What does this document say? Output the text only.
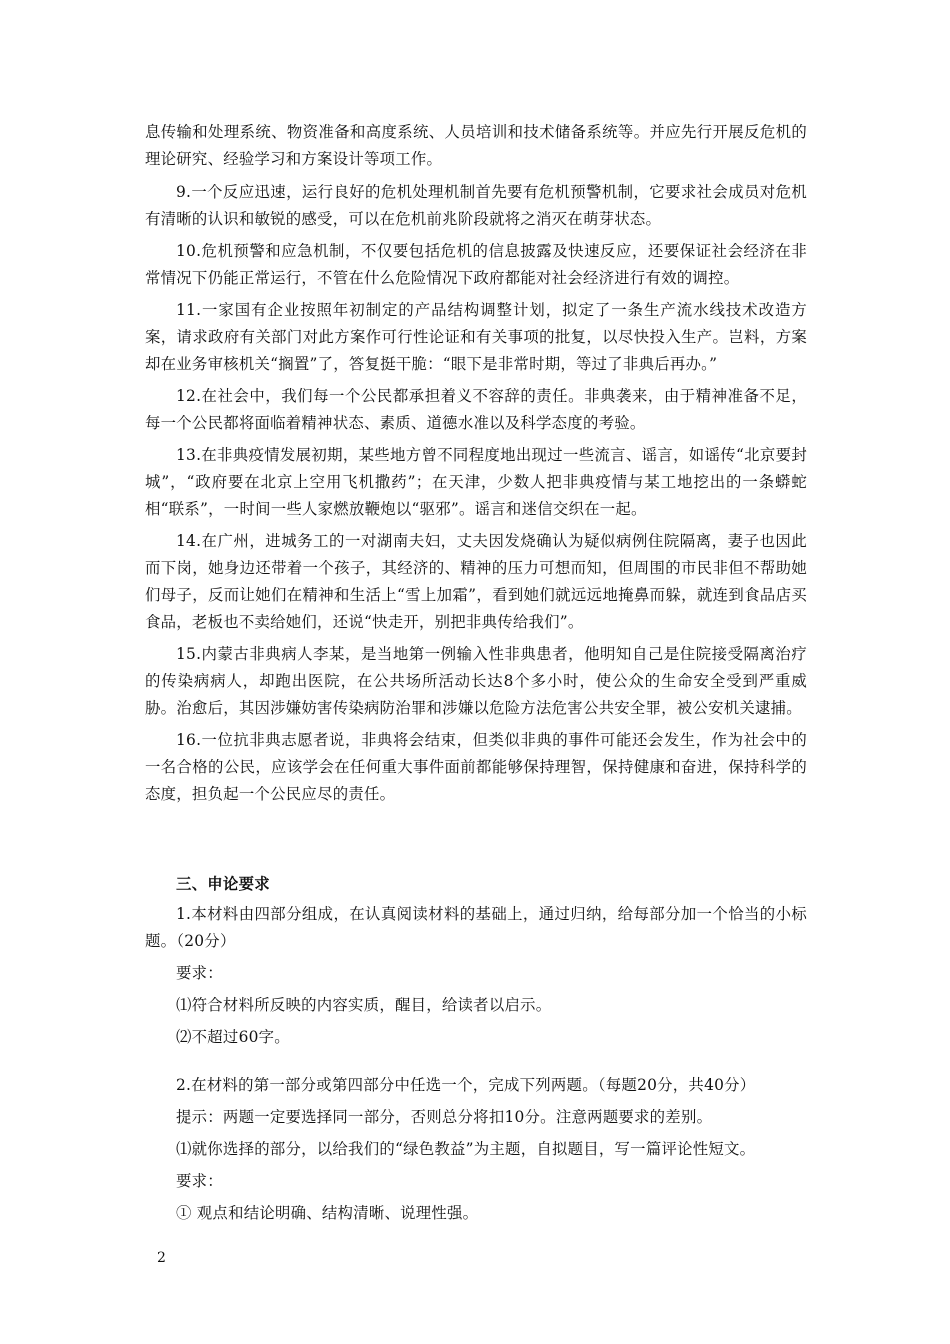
息传输和处理系统、物资准备和高度系统、人员培训和技术储备系统等。并应先行开展反危机的理论研究、经验学习和方案设计等项工作。

9.一个反应迅速，运行良好的危机处理机制首先要有危机预警机制，它要求社会成员对危机有清晰的认识和敏锐的感受，可以在危机前兆阶段就将之消灭在萌芽状态。

10.危机预警和应急机制，不仅要包括危机的信息披露及快速反应，还要保证社会经济在非常情况下仍能正常运行，不管在什么危险情况下政府都能对社会经济进行有效的调控。

11.一家国有企业按照年初制定的产品结构调整计划，拟定了一条生产流水线技术改造方案，请求政府有关部门对此方案作可行性论证和有关事项的批复，以尽快投入生产。岂料，方案却在业务审核机关“搁置”了，答复挺干脆：“眼下是非常时期，等过了非典后再办。”

12.在社会中，我们每一个公民都承担着义不容辞的责任。非典袭来，由于精神准备不足，每一个公民都将面临着精神状态、素质、道德水准以及科学态度的考验。

13.在非典疫情发展初期，某些地方曾不同程度地出现过一些流言、谣言，如谣传“北京要封城”，“政府要在北京上空用飞机撒药”；在天津，少数人把非典疫情与某工地挖出的一条蟒蛇相“联系”，一时间一些人家燃放鞭炮以“驱邪”。谣言和迷信交织在一起。

14.在广州，进城务工的一对湖南夫妇，丈夫因发烧确认为疑似病例住院隔离，妻子也因此而下岗，她身边还带着一个孩子，其经济的、精神的压力可想而知，但周围的市民非但不帮助她们母子，反而让她们在精神和生活上“雪上加霜”，看到她们就远远地掩鼻而躲，就连到食品店买食品，老板也不卖给她们，还说“快走开，别把非典传给我们”。

15.内蒙古非典病人李某，是当地第一例输入性非典患者，他明知自己是住院接受隔离治疗的传染病病人，却跑出医院，在公共场所活动长达8个多小时，使公众的生命安全受到严重威胁。治愈后，其因涉嫌妨害传染病防治罪和涉嫌以危险方法危害公共安全罪，被公安机关逮捕。

16.一位抗非典志愿者说，非典将会结束，但类似非典的事件可能还会发生，作为社会中的一名合格的公民，应该学会在任何重大事件面前都能够保持理智，保持健康和奋进，保持科学的态度，担负起一个公民应尽的责任。

三、申论要求

1.本材料由四部分组成，在认真阅读材料的基础上，通过归纳，给每部分加一个恰当的小标题。（20分）

要求：
⑴符合材料所反映的内容实质，醒目，给读者以启示。
⑵不超过60字。
2.在材料的第一部分或第四部分中任选一个，完成下列两题。（每题20分，共40分）
提示：两题一定要选择同一部分，否则总分将扣10分。注意两题要求的差别。
⑴就你选择的部分，以给我们的“绿色教益”为主题，自拟题目，写一篇评论性短文。
要求：
① 观点和结论明确、结构清晰、说理性强。
2
